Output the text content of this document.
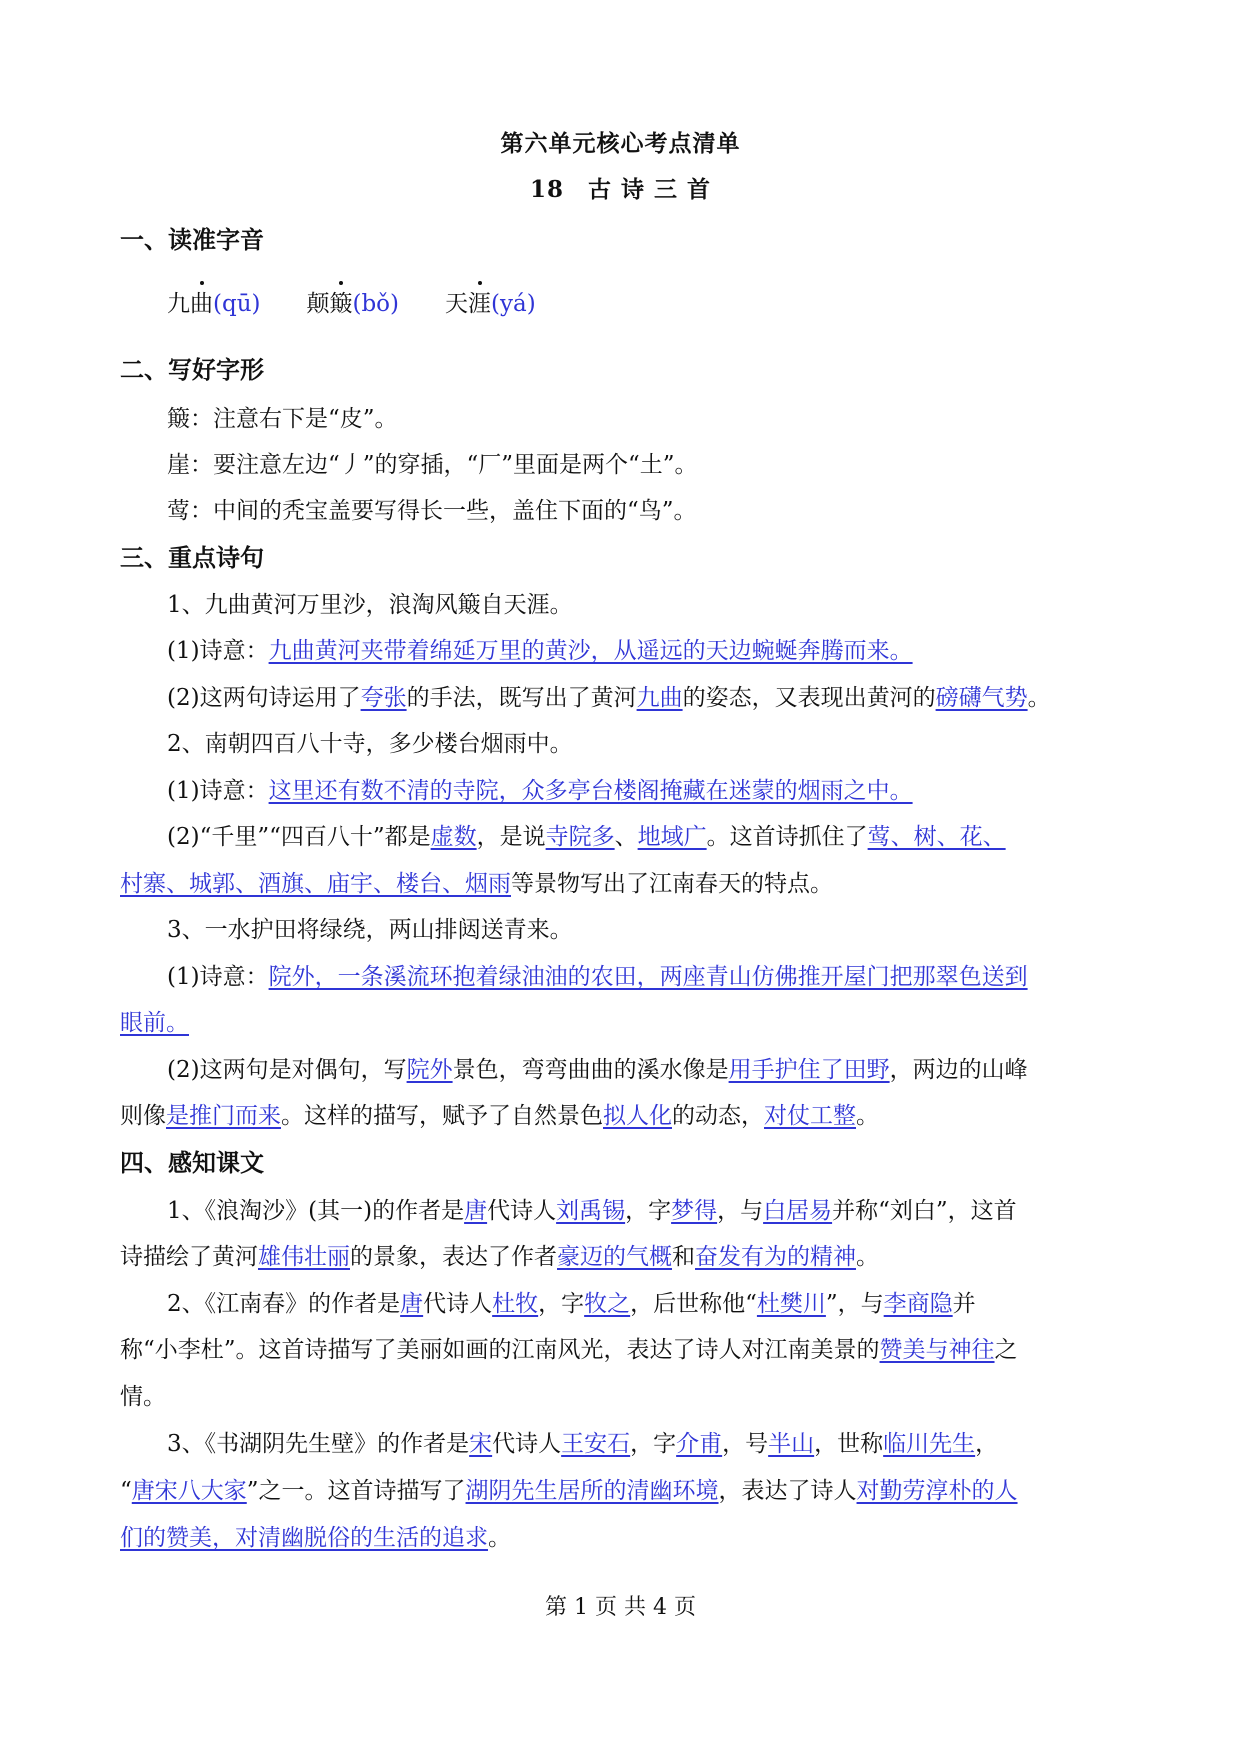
第六单元核心考点清单
18　古 诗 三 首
一、读准字音
九曲(qū) 颠簸(bǒ) 天涯(yá)
二、写好字形
簸：注意右下是“皮”。
崖：要注意左边“丿”的穿插，“厂”里面是两个“土”。
莺：中间的秃宝盖要写得长一些，盖住下面的“鸟”。
三、重点诗句
1、九曲黄河万里沙，浪淘风簸自天涯。
(1)诗意：九曲黄河夹带着绵延万里的黄沙，从遥远的天边蜿蜒奔腾而来。
(2)这两句诗运用了夸张的手法，既写出了黄河九曲的姿态，又表现出黄河的磅礴气势。
2、南朝四百八十寺，多少楼台烟雨中。
(1)诗意：这里还有数不清的寺院，众多亭台楼阁掩藏在迷蒙的烟雨之中。
(2)“千里”“四百八十”都是虚数，是说寺院多、地域广。这首诗抓住了莺、树、花、
村寨、城郭、酒旗、庙宇、楼台、烟雨等景物写出了江南春天的特点。
3、一水护田将绿绕，两山排闼送青来。
(1)诗意：院外，一条溪流环抱着绿油油的农田，两座青山仿佛推开屋门把那翠色送到
眼前。
(2)这两句是对偶句，写院外景色，弯弯曲曲的溪水像是用手护住了田野，两边的山峰
则像是推门而来。这样的描写，赋予了自然景色拟人化的动态，对仗工整。
四、感知课文
1、《浪淘沙》(其一)的作者是唐代诗人刘禹锡，字梦得，与白居易并称“刘白”，这首
诗描绘了黄河雄伟壮丽的景象，表达了作者豪迈的气概和奋发有为的精神。
2、《江南春》的作者是唐代诗人杜牧，字牧之，后世称他“杜樊川”，与李商隐并
称“小李杜”。这首诗描写了美丽如画的江南风光，表达了诗人对江南美景的赞美与神往之
情。
3、《书湖阴先生壁》的作者是宋代诗人王安石，字介甫，号半山，世称临川先生，
“唐宋八大家”之一。这首诗描写了湖阴先生居所的清幽环境，表达了诗人对勤劳淳朴的人
们的赞美，对清幽脱俗的生活的追求。
第 1 页 共 4 页
